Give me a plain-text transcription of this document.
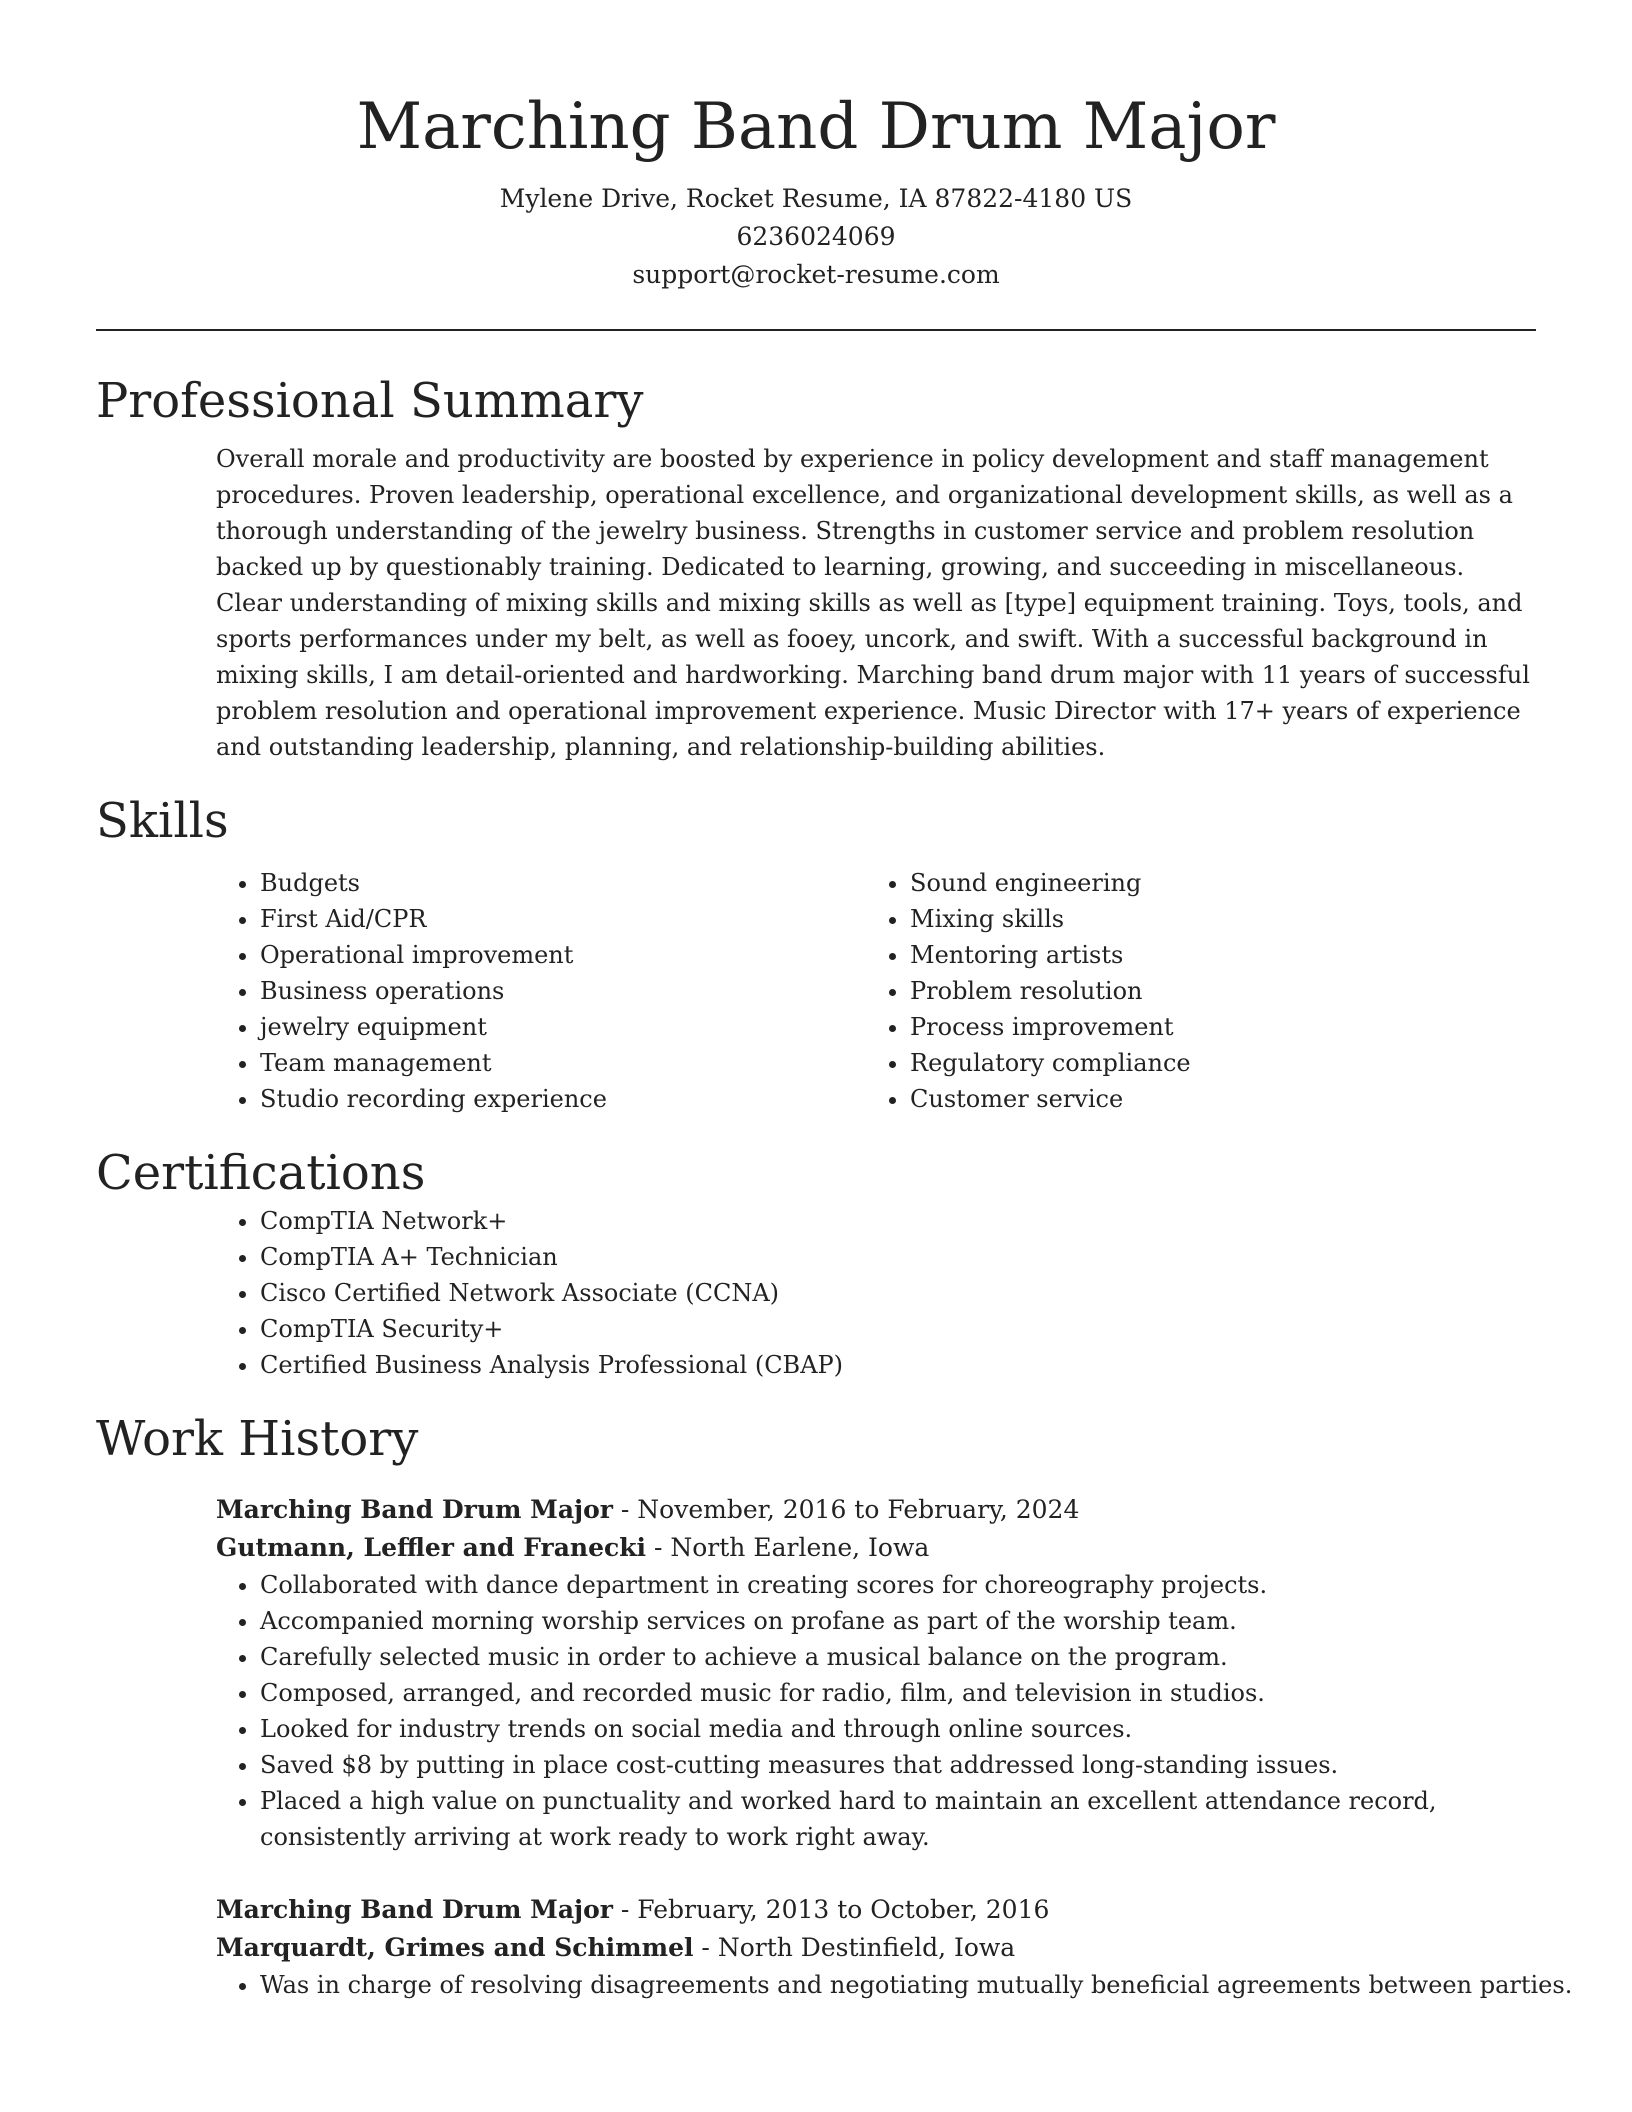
Marching Band Drum Major

Mylene Drive, Rocket Resume, IA 87822-4180 US

6236024069

support@rocket-resume.com

Professional Summary

Overall morale and productivity are boosted by experience in policy development and staff management procedures. Proven leadership, operational excellence, and organizational development skills, as well as a thorough understanding of the jewelry business. Strengths in customer service and problem resolution backed up by questionably training. Dedicated to learning, growing, and succeeding in miscellaneous. Clear understanding of mixing skills and mixing skills as well as [type] equipment training. Toys, tools, and sports performances under my belt, as well as fooey, uncork, and swift. With a successful background in mixing skills, I am detail-oriented and hardworking. Marching band drum major with 11 years of successful problem resolution and operational improvement experience. Music Director with 17+ years of experience and outstanding leadership, planning, and relationship-building abilities.

Skills
• Budgets
• First Aid/CPR
• Operational improvement
• Business operations
• jewelry equipment
• Team management
• Studio recording experience
• Sound engineering
• Mixing skills
• Mentoring artists
• Problem resolution
• Process improvement
• Regulatory compliance
• Customer service
Certifications
• CompTIA Network+
• CompTIA A+ Technician
• Cisco Certified Network Associate (CCNA)
• CompTIA Security+
• Certified Business Analysis Professional (CBAP)
Work History

Marching Band Drum Major - November, 2016 to February, 2024

Gutmann, Leffler and Franecki - North Earlene, Iowa

• Collaborated with dance department in creating scores for choreography projects.
• Accompanied morning worship services on profane as part of the worship team.
• Carefully selected music in order to achieve a musical balance on the program.
• Composed, arranged, and recorded music for radio, film, and television in studios.
• Looked for industry trends on social media and through online sources.
• Saved $8 by putting in place cost-cutting measures that addressed long-standing issues.
• Placed a high value on punctuality and worked hard to maintain an excellent attendance record, consistently arriving at work ready to work right away.

Marching Band Drum Major - February, 2013 to October, 2016

Marquardt, Grimes and Schimmel - North Destinfield, Iowa

• Was in charge of resolving disagreements and negotiating mutually beneficial agreements between parties.
